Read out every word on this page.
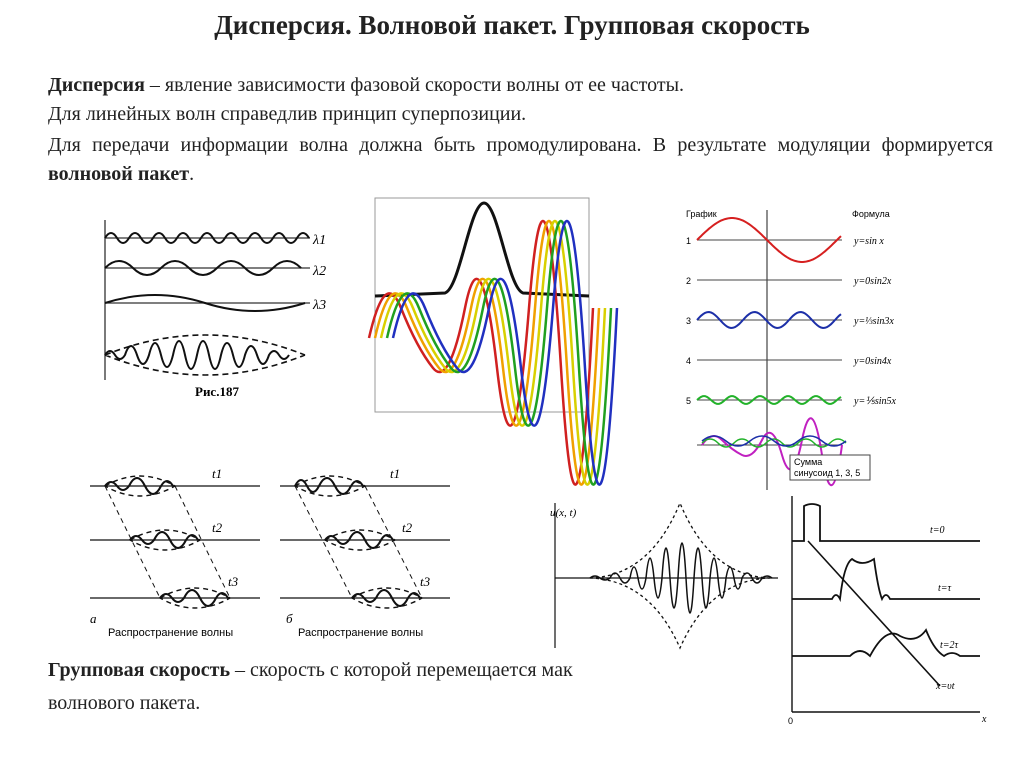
Дисперсия. Волновой пакет. Групповая скорость
Дисперсия – явление зависимости фазовой скорости волны от ее частоты.
Для линейных волн справедлив принцип суперпозиции.
Для передачи информации волна должна быть промодулирована. В результате модуляции формируется волновой пакет.
Групповая скорость – скорость с которой перемещается мак
волнового пакета.
λ1
λ2
λ3
Рис.187
График	Формула
1	y=sin x
2	y=0sin2x
3	y=⅓sin3x
4	y=0sin4x
5	y=⅕sin5x
Сумма
синусоид 1, 3, 5
t1
t2
t3
t1
t2
t3
а	б
Распространение волны	Распространение волны
u(x, t)
t=0
t=τ
t=2τ
x=υt
0	x
